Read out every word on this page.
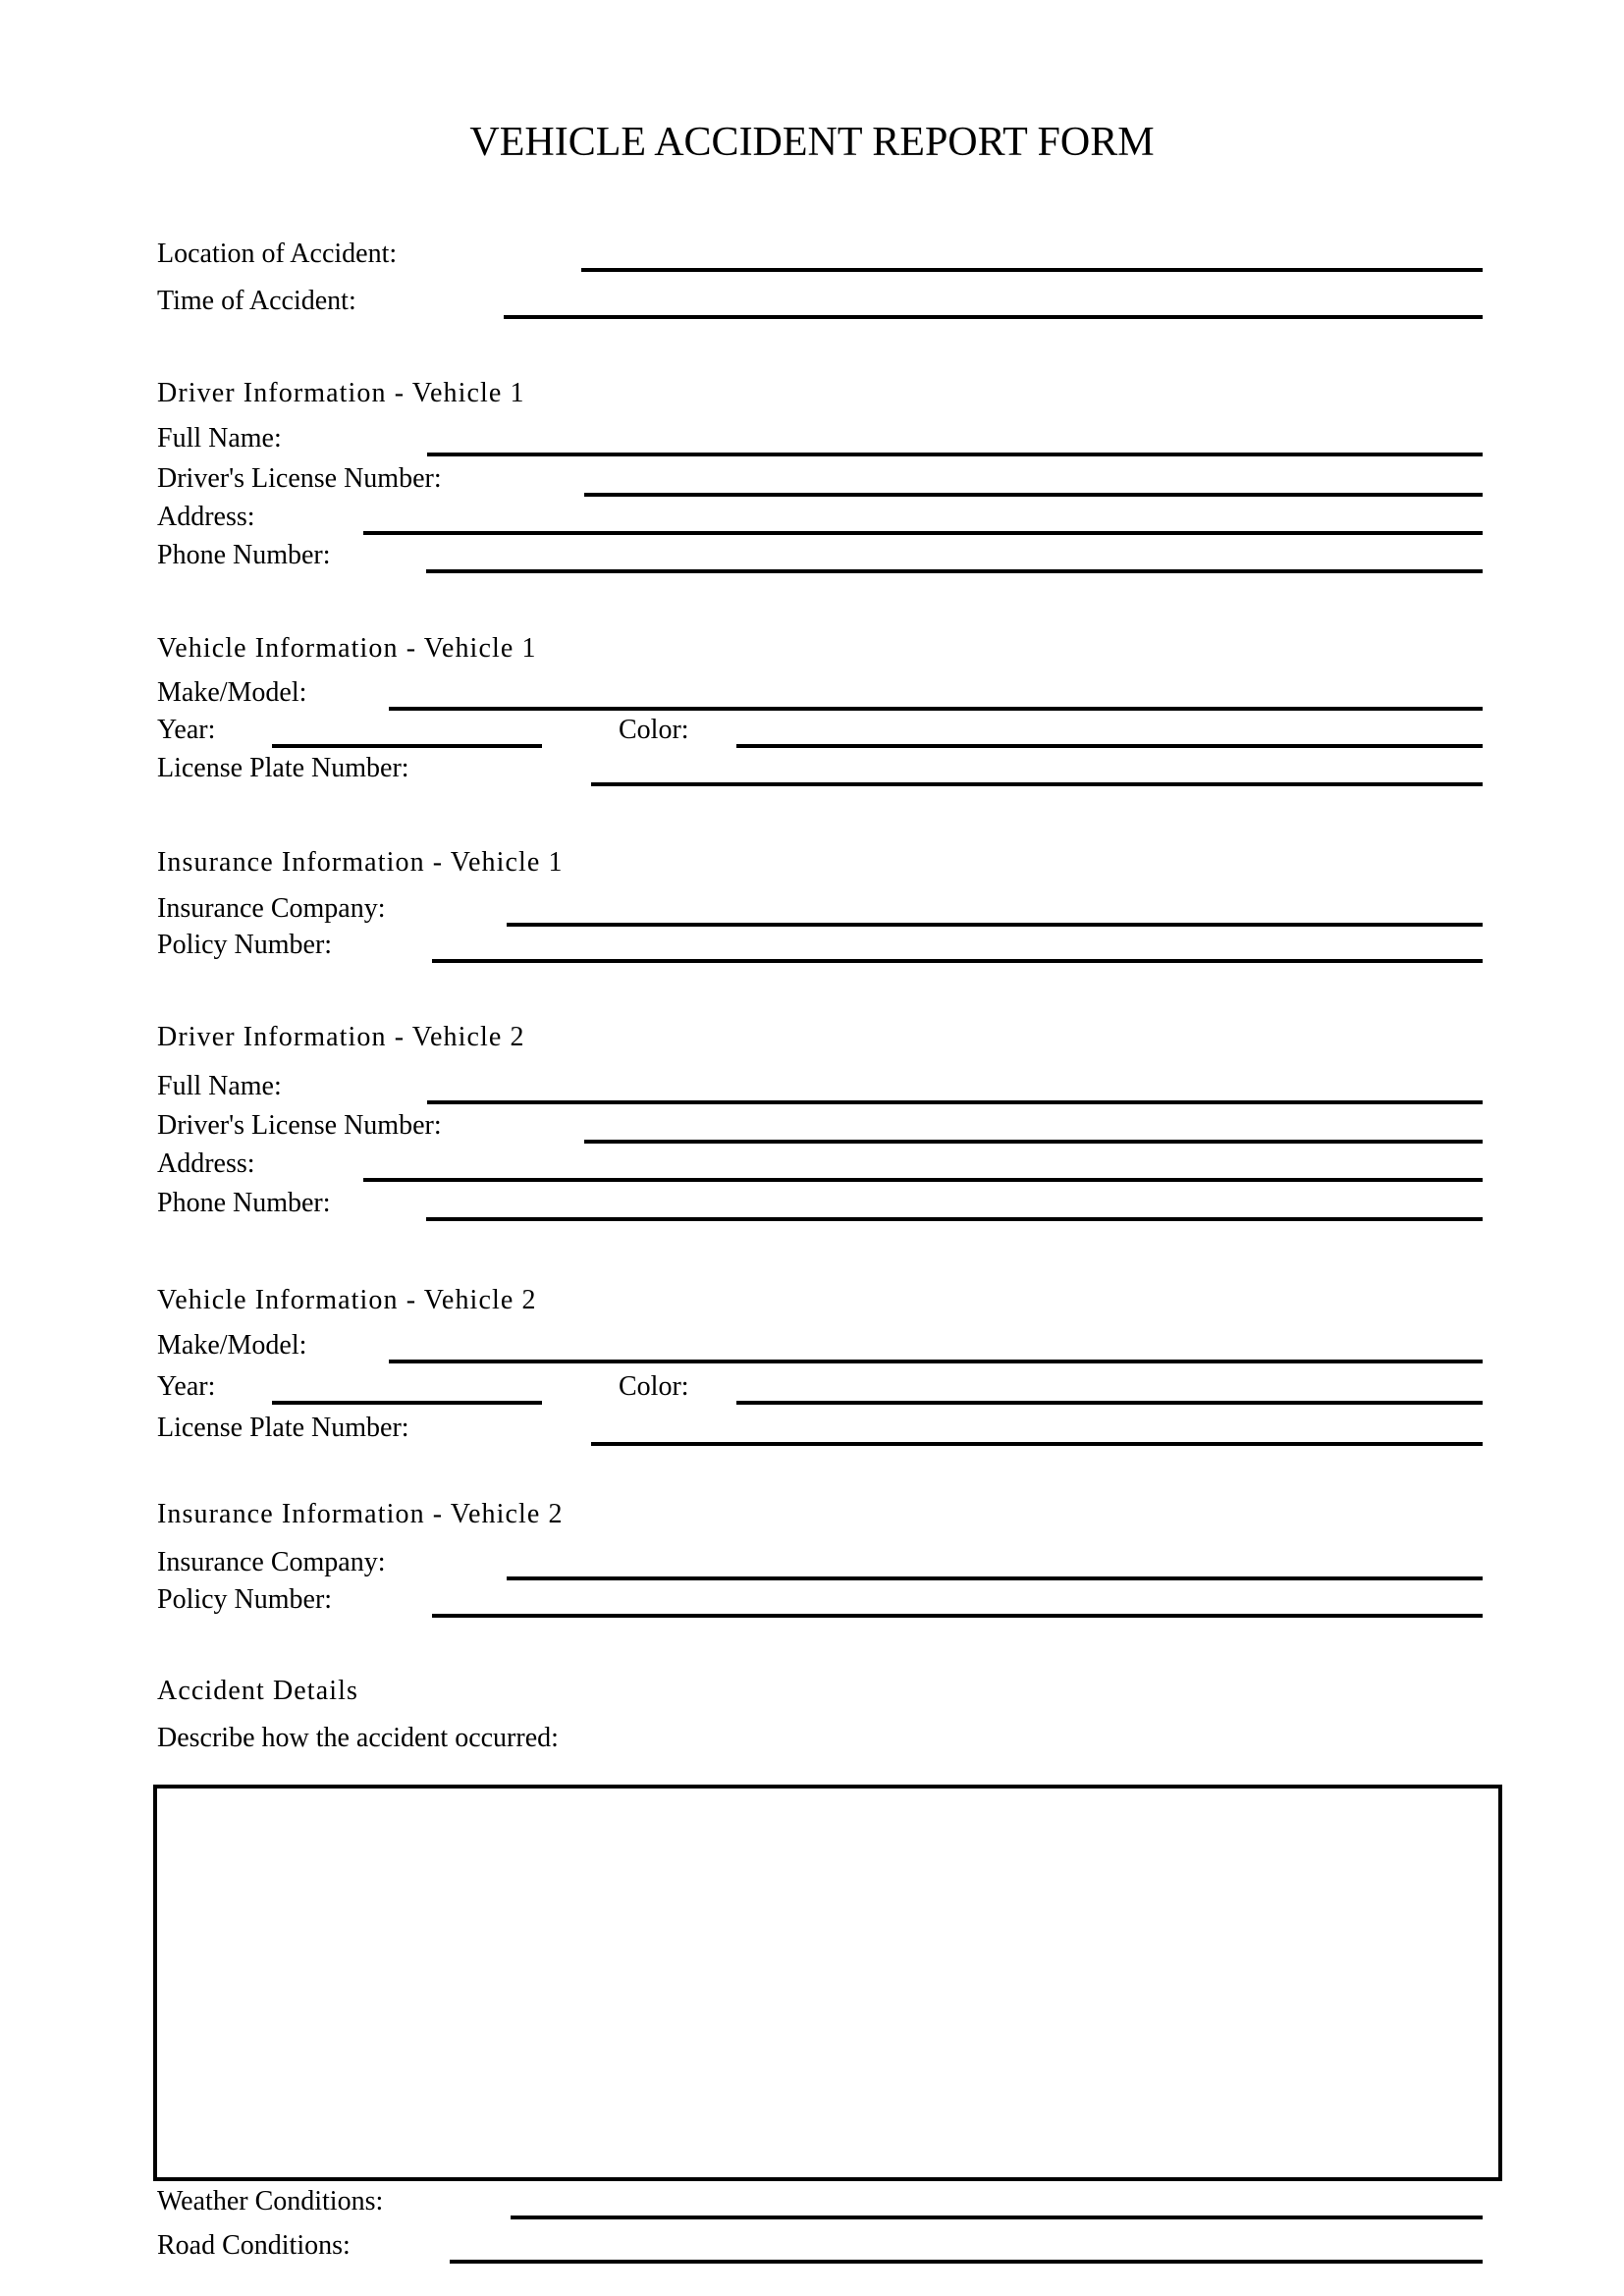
VEHICLE ACCIDENT REPORT FORM
Location of Accident:
Time of Accident:
Driver Information - Vehicle 1
Full Name:
Driver's License Number:
Address:
Phone Number:
Vehicle Information - Vehicle 1
Make/Model:
Year:	Color:
License Plate Number:
Insurance Information - Vehicle 1
Insurance Company:
Policy Number:
Driver Information - Vehicle 2
Full Name:
Driver's License Number:
Address:
Phone Number:
Vehicle Information - Vehicle 2
Make/Model:
Year:	Color:
License Plate Number:
Insurance Information - Vehicle 2
Insurance Company:
Policy Number:
Accident Details
Describe how the accident occurred:
Weather Conditions:
Road Conditions:
